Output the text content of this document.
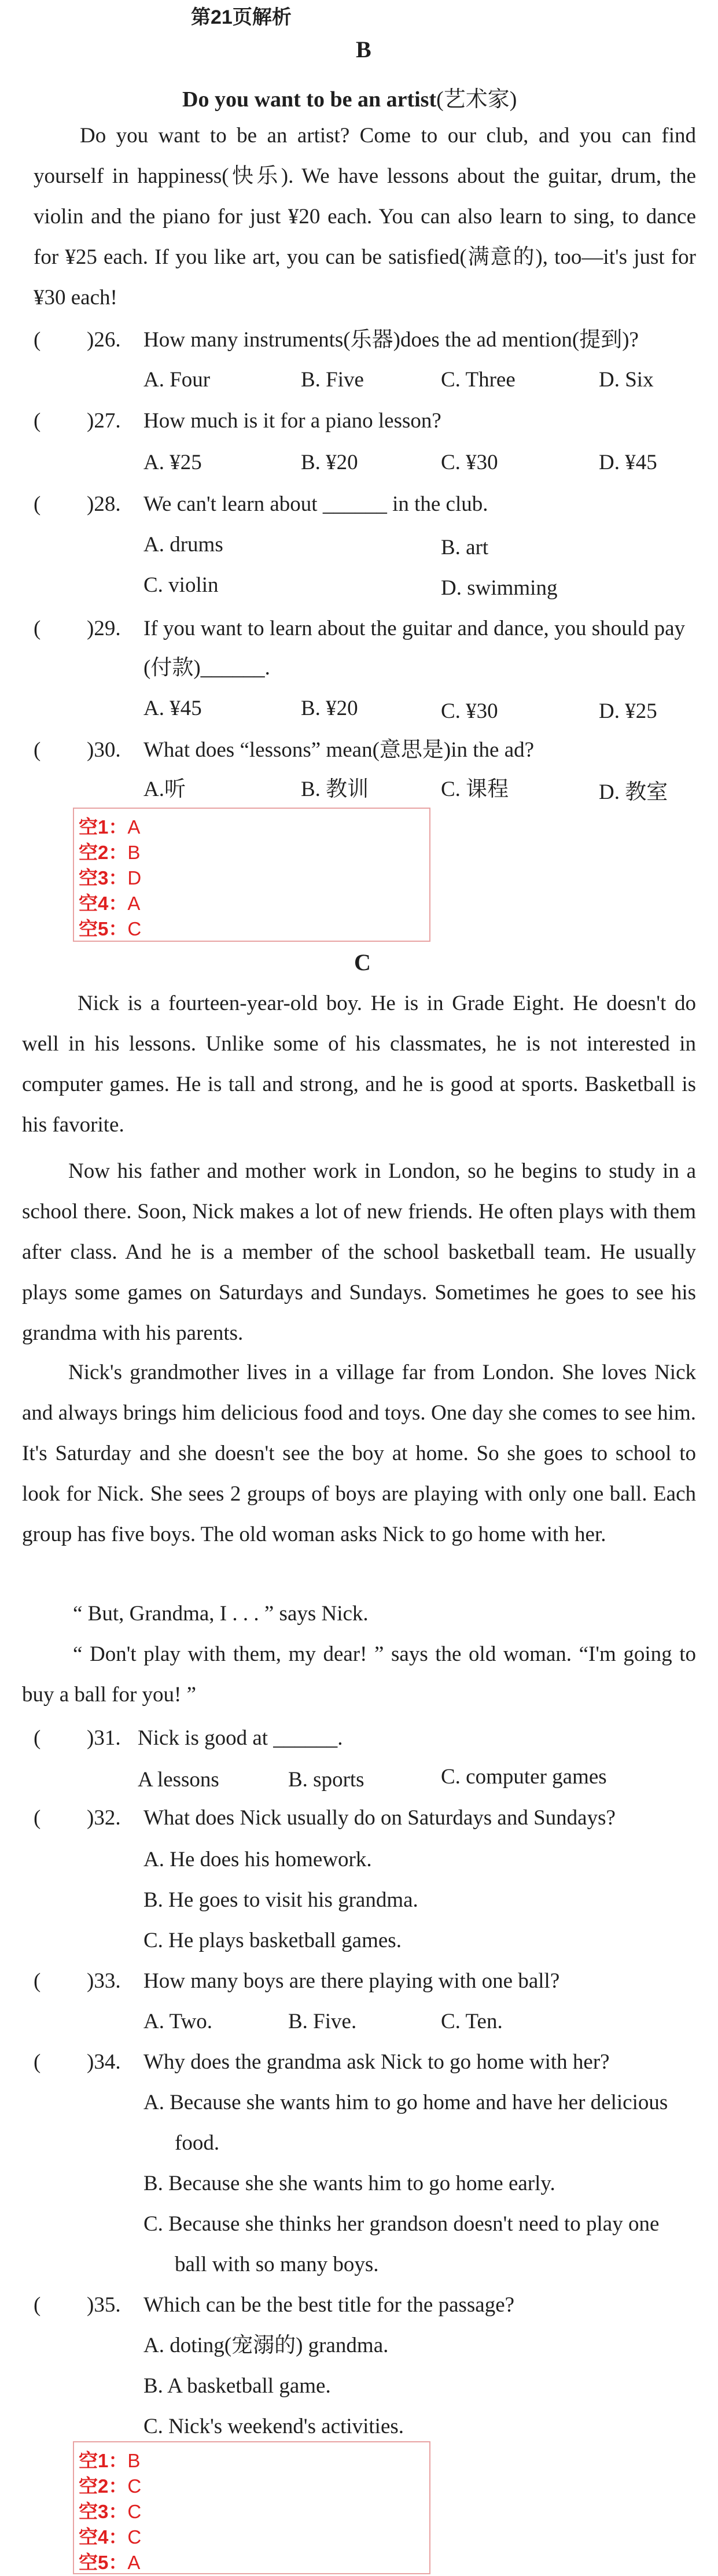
第21页解析
B
Do you want to be an artist(艺术家)
Do you want to be an artist? Come to our club, and you can find yourself in happiness(快乐). We have lessons about the guitar, drum, the violin and the piano for just ¥20 each. You can also learn to sing, to dance for ¥25 each. If you like art, you can be satisfied(满意的), too—it's just for ¥30 each!
( )26. How many instruments(乐器)does the ad mention(提到)?
A. Four	B. Five	C. Three	D. Six
( )27. How much is it for a piano lesson?
A. ¥25	B. ¥20	C. ¥30	D. ¥45
( )28. We can't learn about ______ in the club.
A. drums	B. art
C. violin	D. swimming
( )29. If you want to learn about the guitar and dance, you should pay
(付款)______.
A. ¥45	B. ¥20	C. ¥30	D. ¥25
( )30. What does “lessons” mean(意思是)in the ad?
A.听	B. 教训	C. 课程	D. 教室
空1：A
空2：B
空3：D
空4：A
空5：C
C
Nick is a fourteen-year-old boy. He is in Grade Eight. He doesn't do well in his lessons. Unlike some of his classmates, he is not interested in computer games. He is tall and strong, and he is good at sports. Basketball is his favorite.
Now his father and mother work in London, so he begins to study in a school there. Soon, Nick makes a lot of new friends. He often plays with them after class. And he is a member of the school basketball team. He usually plays some games on Saturdays and Sundays. Sometimes he goes to see his grandma with his parents.
Nick's grandmother lives in a village far from London. She loves Nick and always brings him delicious food and toys. One day she comes to see him. It's Saturday and she doesn't see the boy at home. So she goes to school to look for Nick. She sees 2 groups of boys are playing with only one ball. Each group has five boys. The old woman asks Nick to go home with her.
“ But, Grandma, I . . . ” says Nick.
“ Don't play with them, my dear! ” says the old woman. “I'm going to buy a ball for you! ”
( )31. Nick is good at ______.
A lessons	B. sports	C. computer games
( )32. What does Nick usually do on Saturdays and Sundays?
A. He does his homework.
B. He goes to visit his grandma.
C. He plays basketball games.
( )33. How many boys are there playing with one ball?
A. Two.	B. Five.	C. Ten.
( )34. Why does the grandma ask Nick to go home with her?
A. Because she wants him to go home and have her delicious
food.
B. Because she she wants him to go home early.
C. Because she thinks her grandson doesn't need to play one
ball with so many boys.
( )35. Which can be the best title for the passage?
A. doting(宠溺的) grandma.
B. A basketball game.
C. Nick's weekend's activities.
空1：B
空2：C
空3：C
空4：C
空5：A
